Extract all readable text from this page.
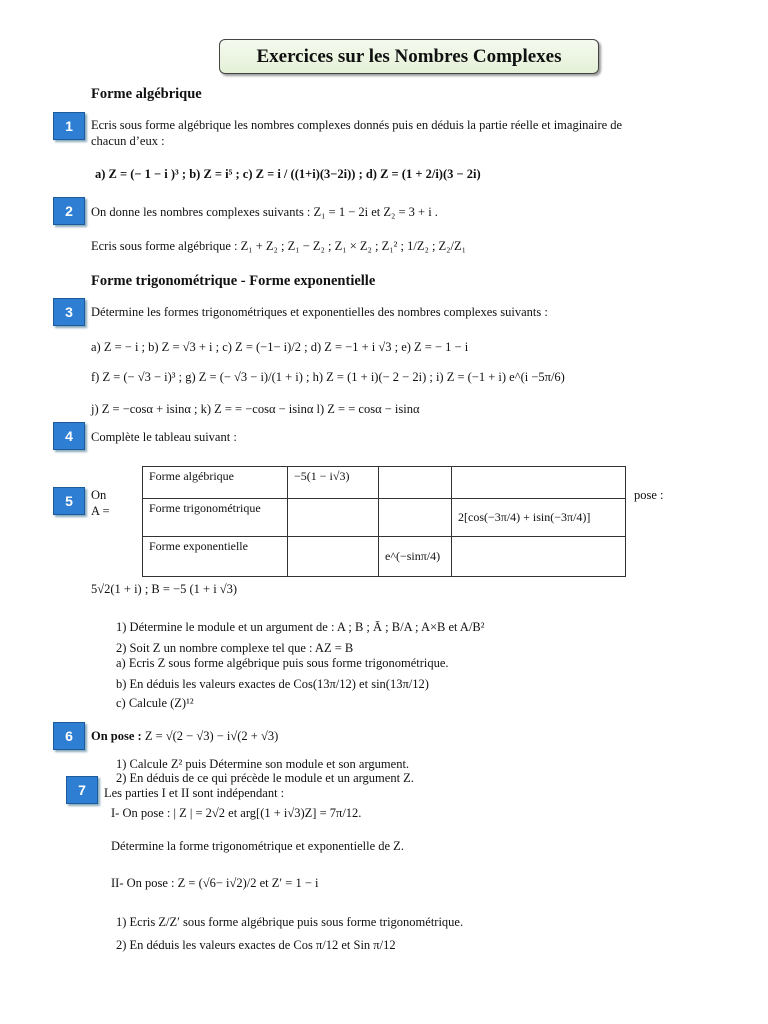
Exercices sur les Nombres Complexes
Forme algébrique
1	Ecris sous forme algébrique les nombres complexes donnés puis en déduis la partie réelle et imaginaire de
chacun d’eux :
a) Z = (− 1 − i )³ ; b) Z = i⁵ ; c) Z = i / ((1+i)(3−2i)) ; d) Z = (1 + 2/i)(3 − 2i)
2	On donne les nombres complexes suivants : Z₁ = 1 − 2i et Z₂ = 3 + i .
Ecris sous forme algébrique : Z₁ + Z₂ ; Z₁ − Z₂ ; Z₁ × Z₂ ; Z₁² ; 1/Z₂ ; Z₂/Z₁
Forme trigonométrique - Forme exponentielle
3	Détermine les formes trigonométriques et exponentielles des nombres complexes suivants :
a) Z = − i ; b) Z = √3 + i ; c) Z = (−1− i)/2 ; d) Z = −1 + i √3 ; e) Z = − 1 − i
f) Z = (− √3 − i)³ ; g) Z = (− √3 − i)/(1 + i) ; h) Z = (1 + i)(− 2 − 2i) ; i) Z = (−1 + i) e^(i −5π/6)
j) Z = −cosα + isinα ; k) Z = = −cosα − isinα l) Z = = cosα − isinα
4	Complète le tableau suivant :
Forme algébrique	−5(1 − i√3)		
Forme trigonométrique			2[cos(−3π/4) + isin(−3π/4)]
Forme exponentielle		e^(−sinπ/4)	
5	On
A =
pose :
5√2(1 + i) ; B = −5 (1 + i √3)
1) Détermine le module et un argument de : A ; B ; Ā ; B/A ; A×B et A/B²
2) Soit Z un nombre complexe tel que : AZ = B
a) Ecris Z sous forme algébrique puis sous forme trigonométrique.
b) En déduis les valeurs exactes de Cos(13π/12) et sin(13π/12)
c) Calcule (Z)¹²
6	On pose : Z = √(2 − √3) − i√(2 + √3)
1) Calcule Z² puis Détermine son module et son argument.
2) En déduis de ce qui précède le module et un argument Z.
7	Les parties I et II sont indépendant :
I- On pose : | Z | = 2√2 et arg[(1 + i√3)Z] = 7π/12.
Détermine la forme trigonométrique et exponentielle de Z.
II- On pose : Z = (√6− i√2)/2 et Z′ = 1 − i
1) Ecris Z/Z′ sous forme algébrique puis sous forme trigonométrique.
2) En déduis les valeurs exactes de Cos π/12 et Sin π/12
